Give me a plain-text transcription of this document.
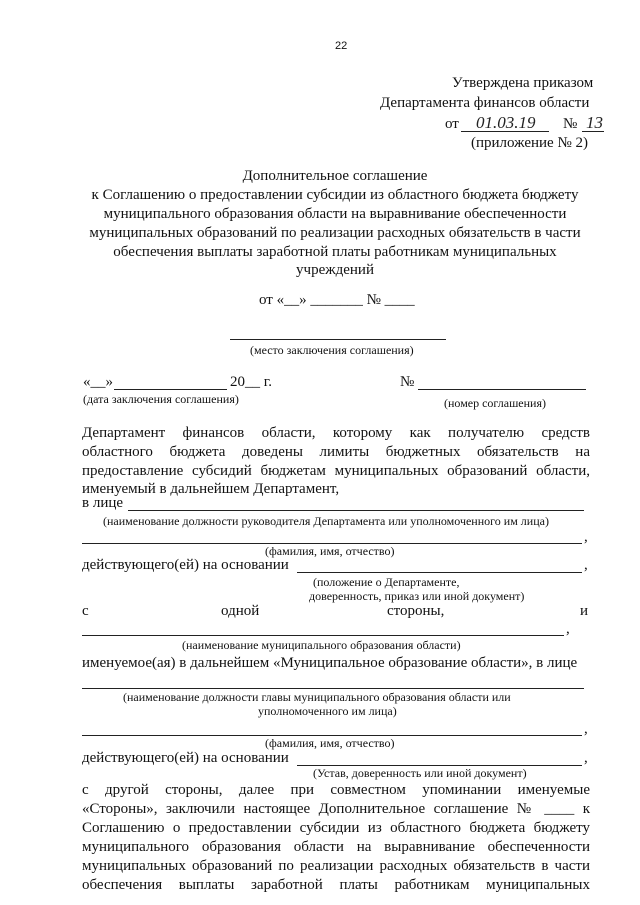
22
Утверждена приказом
Департамента финансов области
от 01.03.19 № 13
(приложение № 2)
Дополнительное соглашение
к Соглашению о предоставлении субсидии из областного бюджета бюджету
муниципального образования области на выравнивание обеспеченности
муниципальных образований по реализации расходных обязательств в части
обеспечения выплаты заработной платы работникам муниципальных
учреждений
от «__» _______ № ____
(место заключения соглашения)
«__»	20__ г.	№
(дата заключения соглашения)	(номер соглашения)
Департамент финансов области, которому как получателю средств
областного бюджета доведены лимиты бюджетных обязательств на
предоставление субсидий бюджетам муниципальных образований области,
именуемый в дальнейшем Департамент,
в лице
(наименование должности руководителя Департамента или уполномоченного им лица)
,
(фамилия, имя, отчество)
действующего(ей) на основании	,
(положение о Департаменте,
доверенность, приказ или иной документ)
с	одной	стороны,	и
,
(наименование муниципального образования области)
именуемое(ая) в дальнейшем «Муниципальное образование области», в лице
(наименование должности главы муниципального образования области или
уполномоченного им лица)
,
(фамилия, имя, отчество)
действующего(ей) на основании	,
(Устав, доверенность или иной документ)
с другой стороны, далее при совместном упоминании именуемые
«Стороны», заключили настоящее Дополнительное соглашение № ____ к
Соглашению о предоставлении субсидии из областного бюджета бюджету
муниципального образования области на выравнивание обеспеченности
муниципальных образований по реализации расходных обязательств в части
обеспечения выплаты заработной платы работникам муниципальных
